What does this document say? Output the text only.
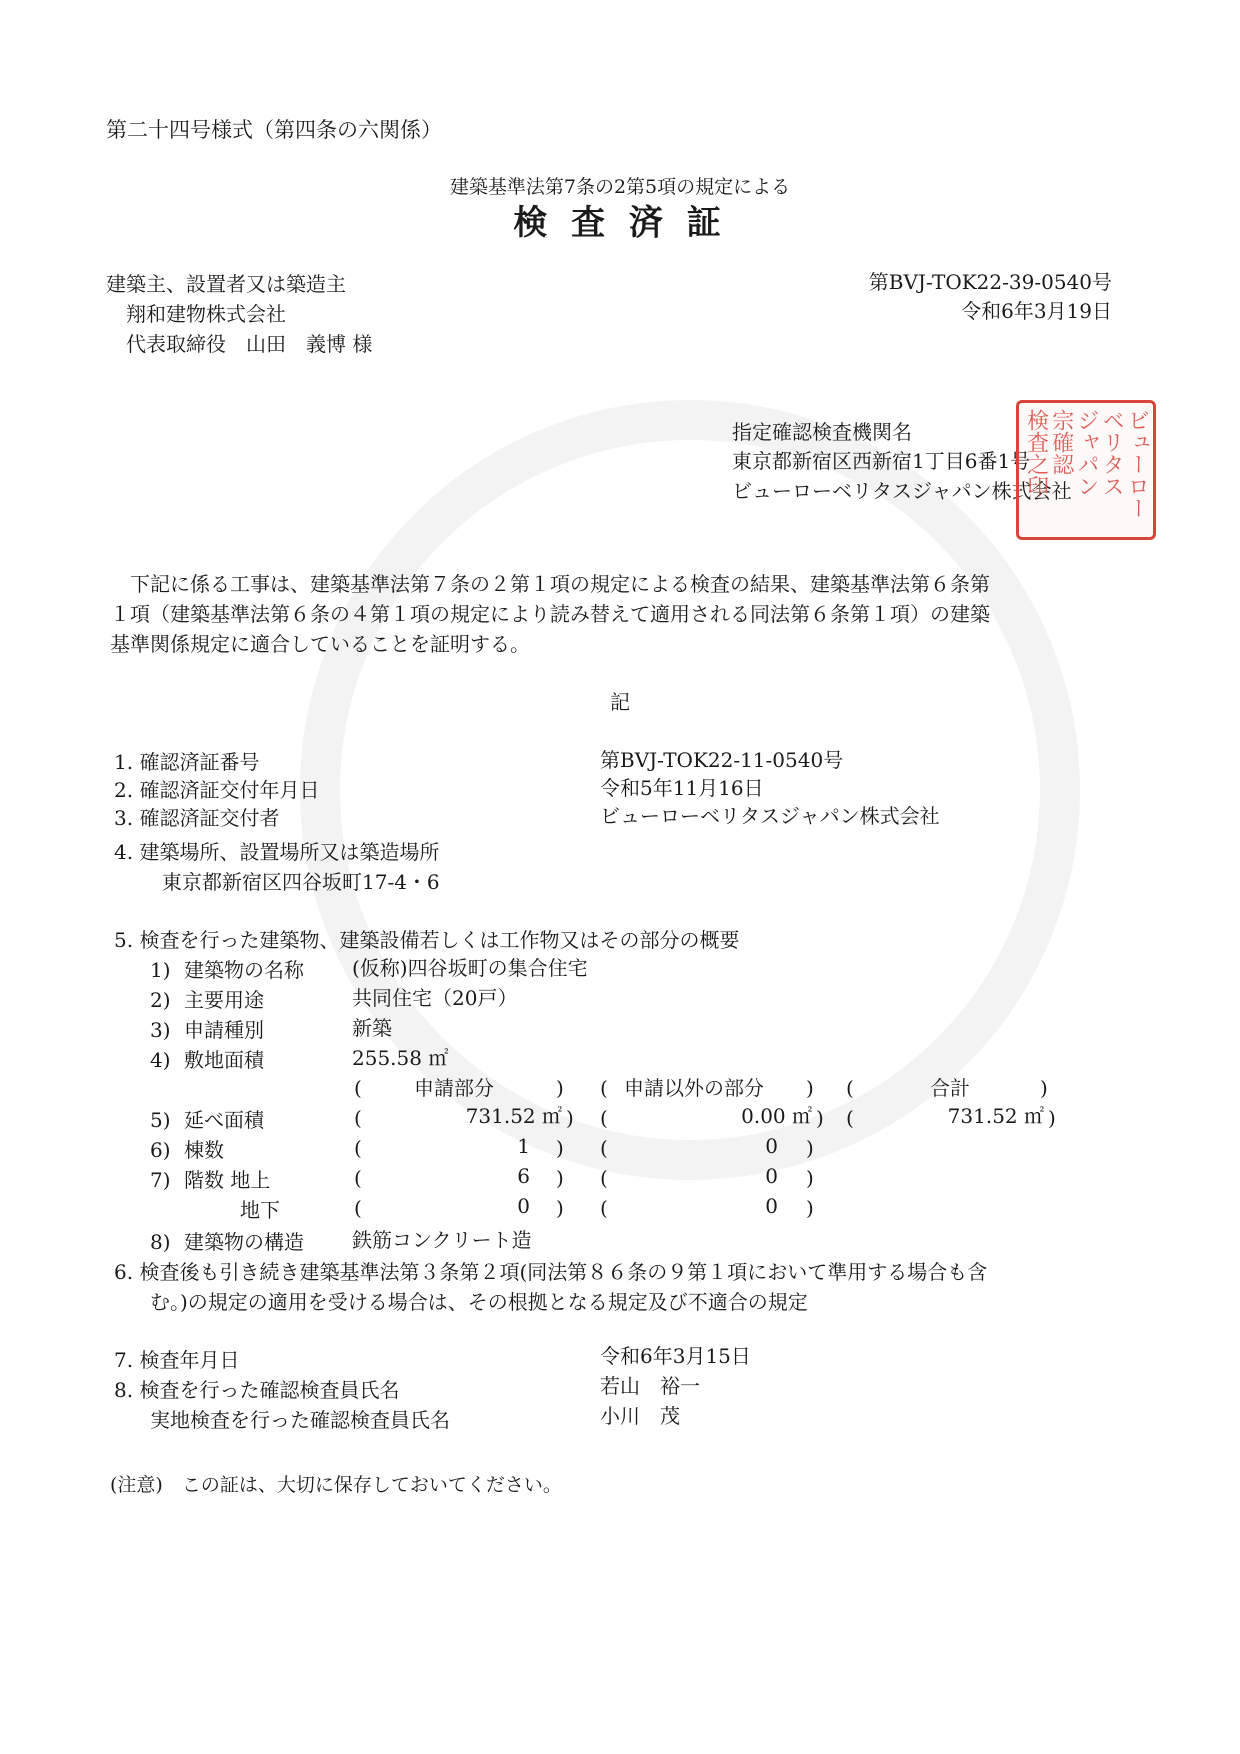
第二十四号様式（第四条の六関係）
建築基準法第7条の2第5項の規定による
検 査 済 証
建築主、設置者又は築造主
翔和建物株式会社
代表取締役　山田　義博 様
第BVJ-TOK22-39-0540号
令和6年3月19日
指定確認検査機関名
東京都新宿区西新宿1丁目6番1号
ビューローベリタスジャパン株式会社 ビューロー
ベリタス
ジャパン
宗確認
検査之印
下記に係る工事は、建築基準法第７条の２第１項の規定による検査の結果、建築基準法第６条第
１項（建築基準法第６条の４第１項の規定により読み替えて適用される同法第６条第１項）の建築
基準関係規定に適合していることを証明する。
記
1. 確認済証番号	第BVJ-TOK22-11-0540号
2. 確認済証交付年月日	令和5年11月16日
3. 確認済証交付者	ビューローベリタスジャパン株式会社
4. 建築場所、設置場所又は築造場所
東京都新宿区四谷坂町17-4・6
5. 検査を行った建築物、建築設備若しくは工作物又はその部分の概要
1) 建築物の名称 (仮称)四谷坂町の集合住宅
2) 主要用途	共同住宅（20戸）
3) 申請種別	新築
4) 敷地面積	255.58 ㎡
(	申請部分	) ( 申請以外の部分 ) (	合計	)
5) 延べ面積	(	731.52 ㎡ ) (	0.00 ㎡ ) (	731.52 ㎡ )
6) 棟数	(	1 ) (	0 )
7) 階数 地上	(	6 ) (	0 )
地下	(	0 ) (	0 )
8) 建築物の構造 鉄筋コンクリート造
6. 検査後も引き続き建築基準法第３条第２項(同法第８６条の９第１項において準用する場合も含
む。)の規定の適用を受ける場合は、その根拠となる規定及び不適合の規定
7. 検査年月日	令和6年3月15日
8. 検査を行った確認検査員氏名	若山　裕一
実地検査を行った確認検査員氏名	小川　茂
(注意)　この証は、大切に保存しておいてください。
